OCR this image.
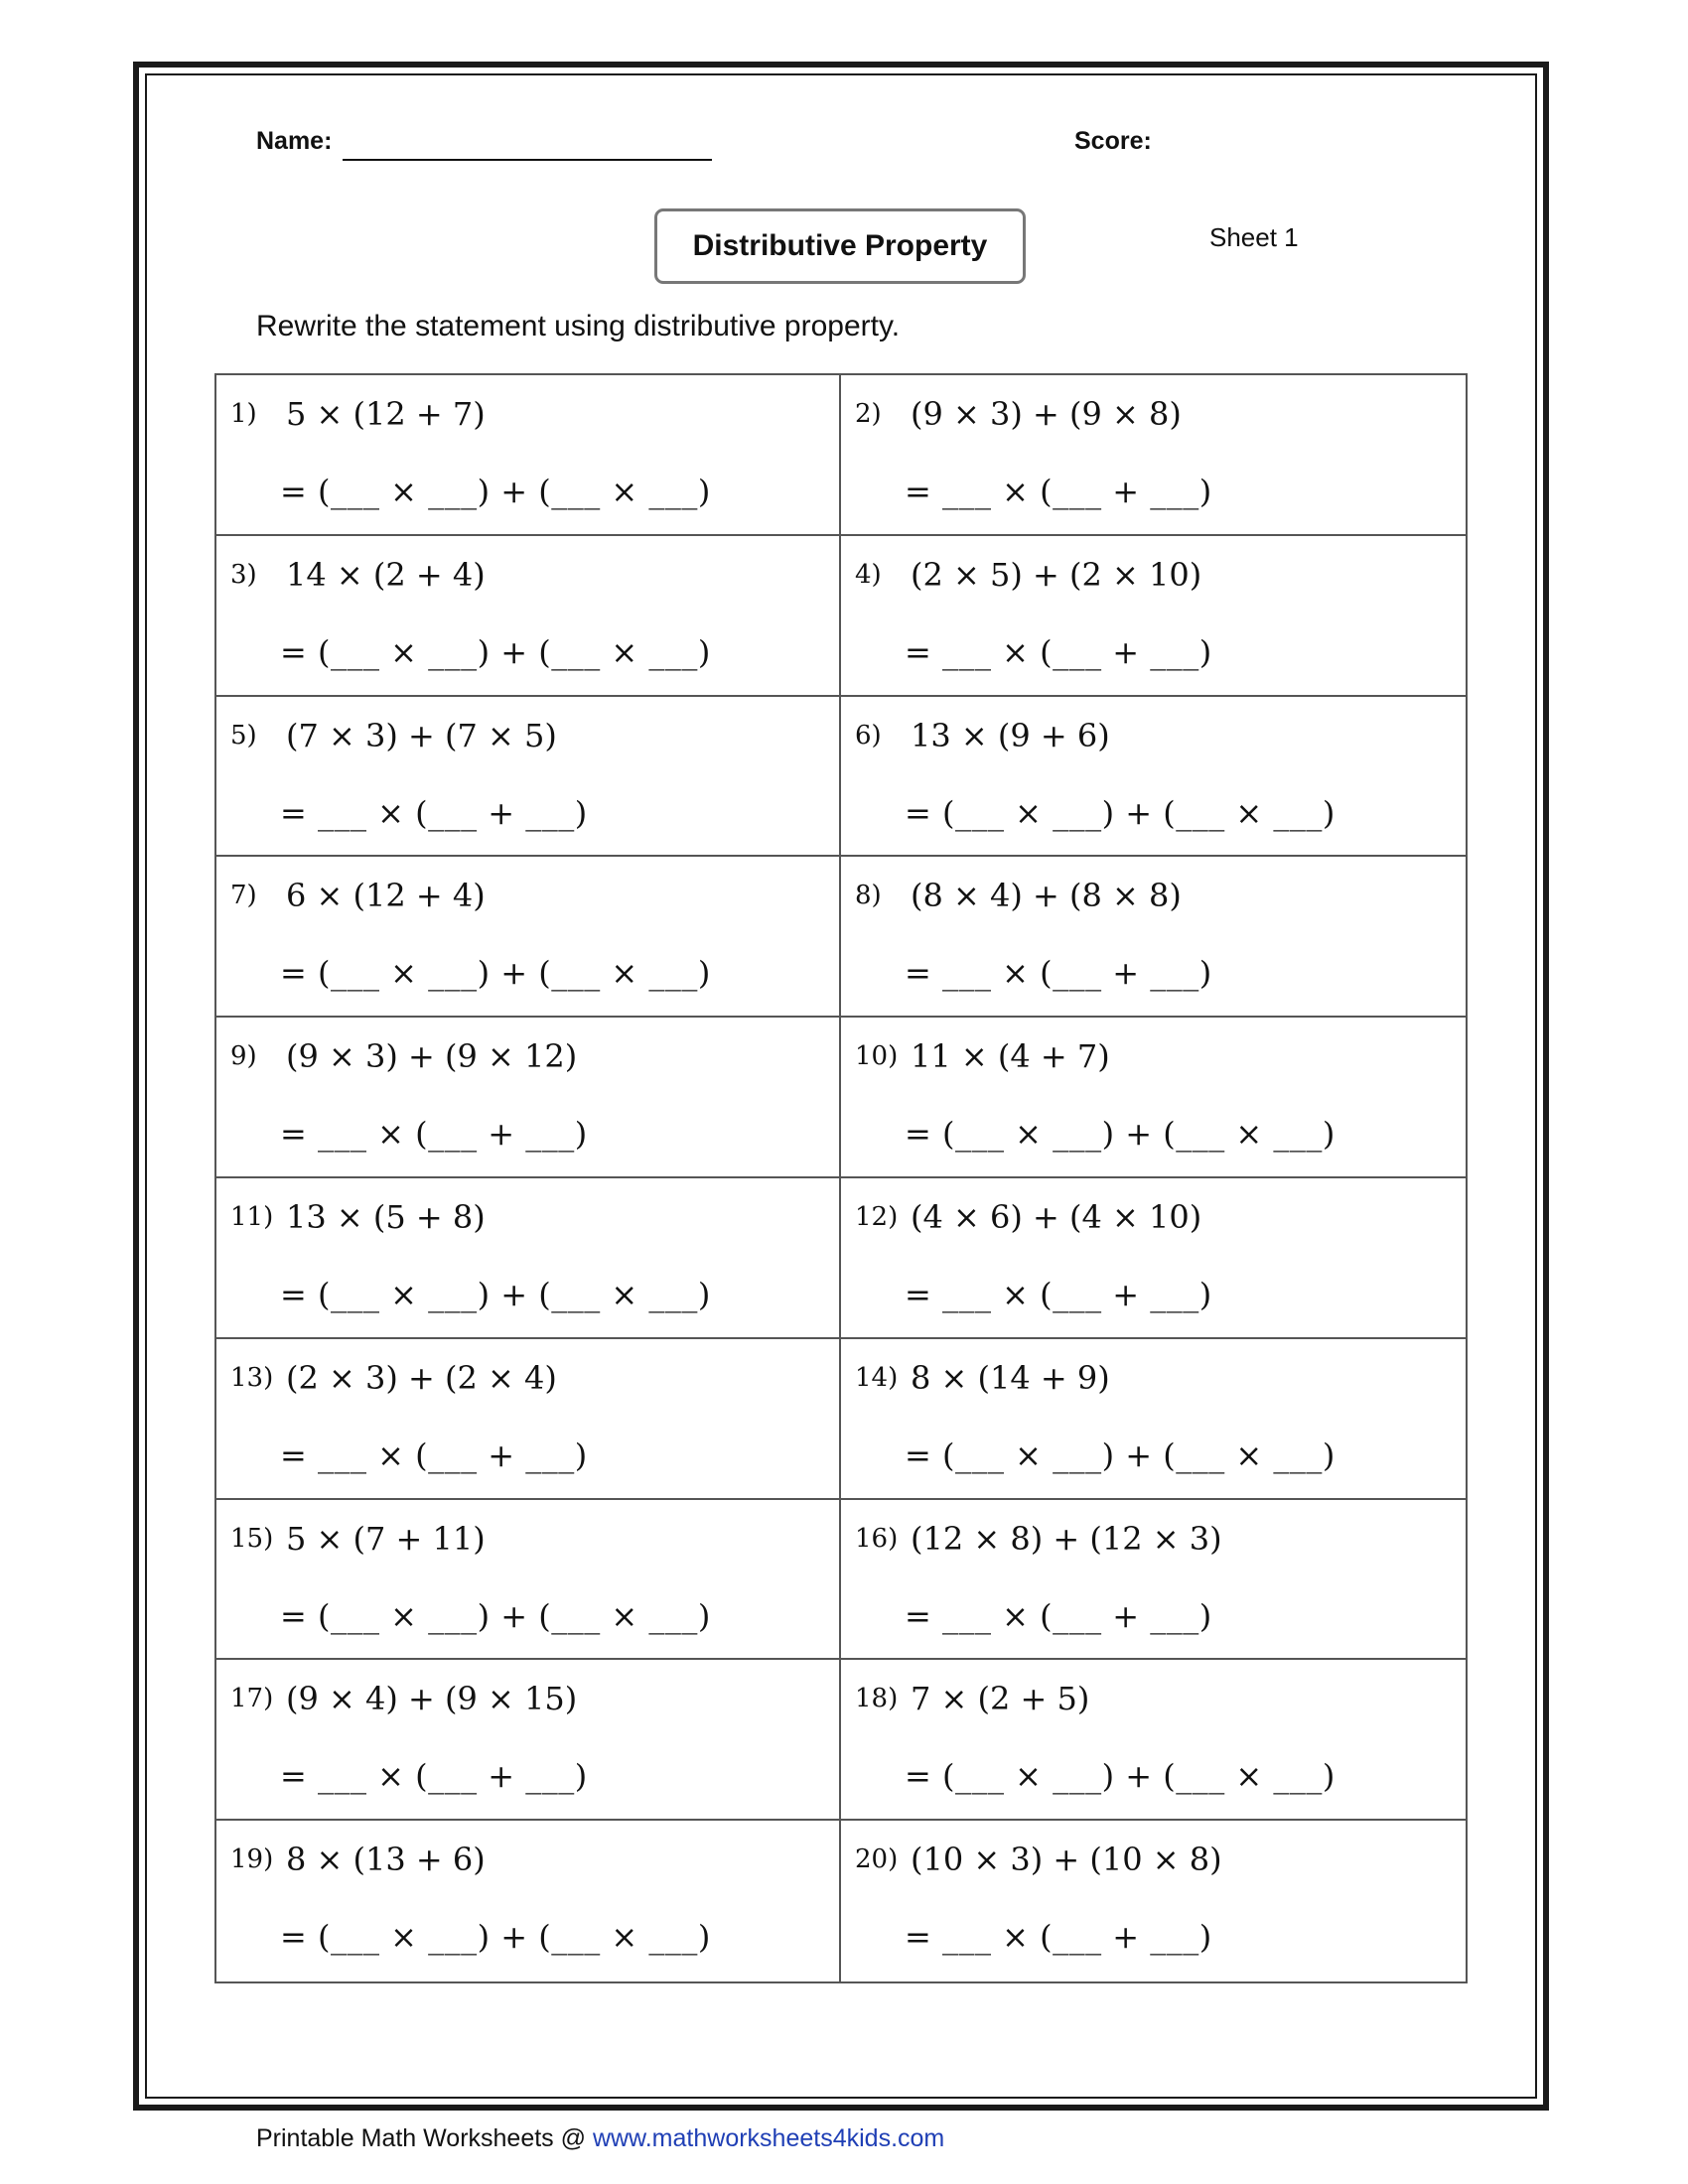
Name:	Score:
Distributive Property	Sheet 1
Rewrite the statement using distributive property.
1) 5 × (12 + 7)
= (___ × ___) + (___ × ___)
2) (9 × 3) + (9 × 8)
= ___ × (___ + ___)
3) 14 × (2 + 4)
= (___ × ___) + (___ × ___)
4) (2 × 5) + (2 × 10)
= ___ × (___ + ___)
5) (7 × 3) + (7 × 5)
= ___ × (___ + ___)
6) 13 × (9 + 6)
= (___ × ___) + (___ × ___)
7) 6 × (12 + 4)
= (___ × ___) + (___ × ___)
8) (8 × 4) + (8 × 8)
= ___ × (___ + ___)
9) (9 × 3) + (9 × 12)
= ___ × (___ + ___)
10) 11 × (4 + 7)
= (___ × ___) + (___ × ___)
11) 13 × (5 + 8)
= (___ × ___) + (___ × ___)
12) (4 × 6) + (4 × 10)
= ___ × (___ + ___)
13) (2 × 3) + (2 × 4)
= ___ × (___ + ___)
14) 8 × (14 + 9)
= (___ × ___) + (___ × ___)
15) 5 × (7 + 11)
= (___ × ___) + (___ × ___)
16) (12 × 8) + (12 × 3)
= ___ × (___ + ___)
17) (9 × 4) + (9 × 15)
= ___ × (___ + ___)
18) 7 × (2 + 5)
= (___ × ___) + (___ × ___)
19) 8 × (13 + 6)
= (___ × ___) + (___ × ___)
20) (10 × 3) + (10 × 8)
= ___ × (___ + ___)
Printable Math Worksheets @ www.mathworksheets4kids.com
